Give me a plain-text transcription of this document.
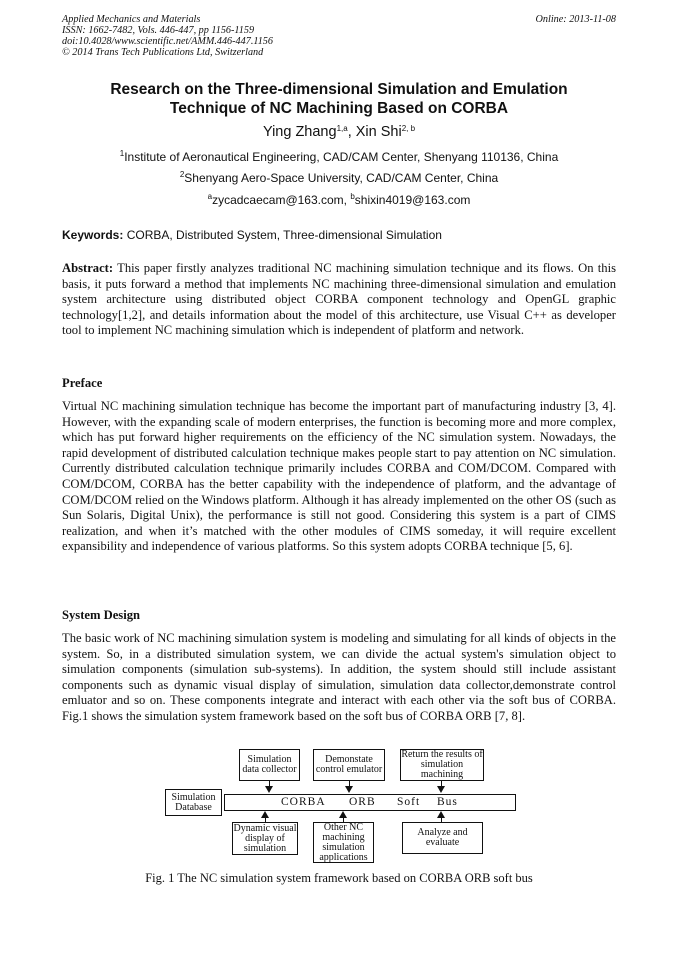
Applied Mechanics and Materials
ISSN: 1662-7482, Vols. 446-447, pp 1156-1159
doi:10.4028/www.scientific.net/AMM.446-447.1156
© 2014 Trans Tech Publications Ltd, Switzerland
Online: 2013-11-08
Research on the Three-dimensional Simulation and Emulation
Technique of NC Machining Based on CORBA
Ying Zhang$^{1,a}$, Xin Shi$^{2, b}$
$^1$Institute of Aeronautical Engineering, CAD/CAM Center, Shenyang 110136, China
$^2$Shenyang Aero-Space University, CAD/CAM Center, China
$^a$zycadcaecam@163.com, $^b$shixin4019@163.com
Keywords: CORBA, Distributed System, Three-dimensional Simulation
Abstract: This paper firstly analyzes traditional NC machining simulation technique and its flows. On this basis, it puts forward a method that implements NC machining three-dimensional simulation and emulation system architecture using distributed object CORBA component technology and OpenGL graphic technology[1,2], and details information about the model of this architecture, use Visual C++ as developer tool to implement NC machining simulation which is independent of platform and network.
Preface
Virtual NC machining simulation technique has become the important part of manufacturing industry [3, 4]. However, with the expanding scale of modern enterprises, the function is becoming more and more complex, which has put forward higher requirements on the efficiency of the NC simulation system. Nowadays, the rapid development of distributed calculation technique makes people start to pay attention on NC simulation. Currently distributed calculation technique primarily includes CORBA and COM/DCOM. Compared with COM/DCOM, CORBA has the better capability with the independence of platform, and the advantage of COM/DCOM relied on the Windows platform. Although it has already implemented on the other OS (such as Sun Solaris, Digital Unix), the performance is still not good. Considering this system is a part of CIMS realization, and when it’s matched with the other modules of CIMS someday, it will require excellent expansibility and independence of various platforms. So this system adopts CORBA technique [5, 6].
System Design
The basic work of NC machining simulation system is modeling and simulating for all kinds of objects in the system. So, in a distributed simulation system, we can divide the actual system's simulation object to simulation components (simulation sub-systems). In addition, the system should still include assistant components such as dynamic visual display of simulation, simulation data collector,demonstrate control emluator and so on. These components integrate and interact with each other via the soft bus of CORBA. Fig.1 shows the simulation system framework based on the soft bus of CORBA ORB [7, 8].
Simulation data collector
Demonstate control emulator
Return the results of simulation machining
Simulation Database	CORBA ORB Soft Bus
Dynamic visual display of simulation
Other NC machining simulation applications
Analyze and evaluate
Fig. 1 The NC simulation system framework based on CORBA ORB soft bus
